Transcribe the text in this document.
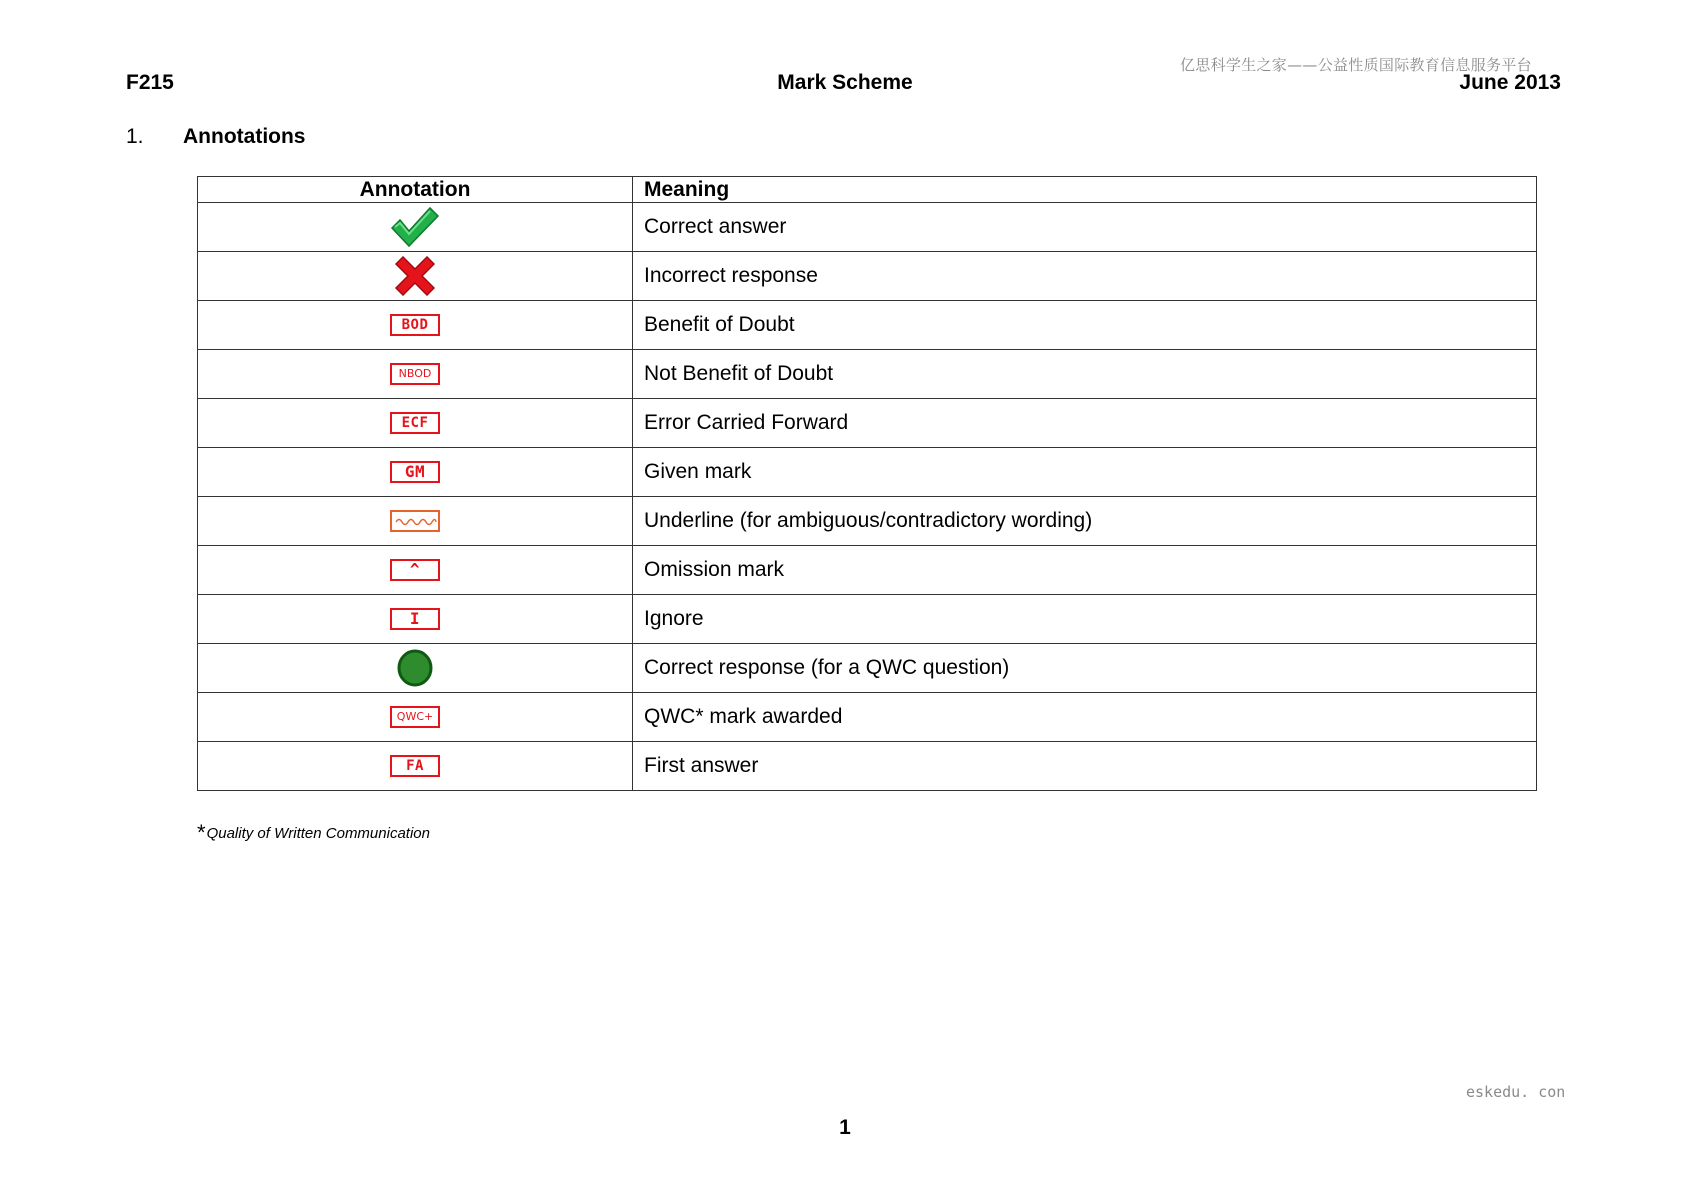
亿思科学生之家——公益性质国际教育信息服务平台
F215	Mark Scheme	June 2013
1. Annotations
Annotation	Meaning
	Correct answer
	Incorrect response
BOD	Benefit of Doubt
NBOD	Not Benefit of Doubt
ECF	Error Carried Forward
GM	Given mark
	Underline (for ambiguous/contradictory wording)
^	Omission mark
I	Ignore
	Correct response (for a QWC question)
QWC+	QWC* mark awarded
FA	First answer
*Quality of Written Communication
eskedu. con
1
